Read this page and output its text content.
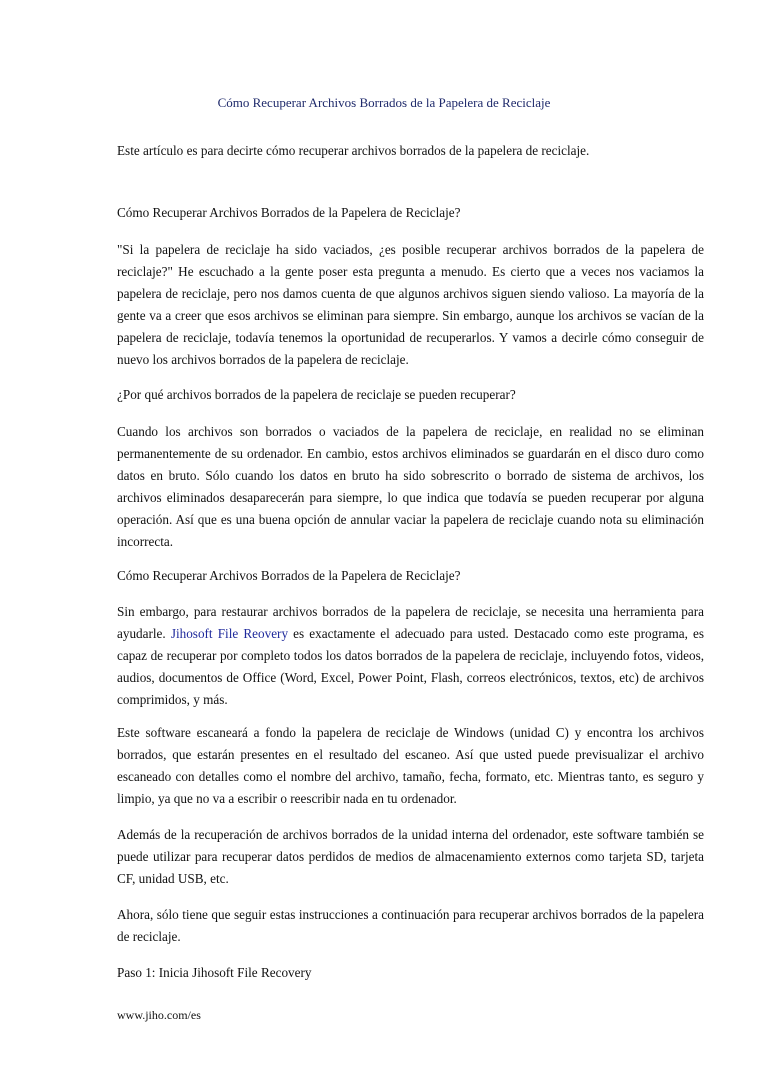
Cómo Recuperar Archivos Borrados de la Papelera de Reciclaje

Este artículo es para decirte cómo recuperar archivos borrados de la papelera de reciclaje.

Cómo Recuperar Archivos Borrados de la Papelera de Reciclaje?

"Si la papelera de reciclaje ha sido vaciados, ¿es posible recuperar archivos borrados de la papelera de reciclaje?" He escuchado a la gente poser esta pregunta a menudo. Es cierto que a veces nos vaciamos la papelera de reciclaje, pero nos damos cuenta de que algunos archivos siguen siendo valioso. La mayoría de la gente va a creer que esos archivos se eliminan para siempre. Sin embargo, aunque los archivos se vacían de la papelera de reciclaje, todavía tenemos la oportunidad de recuperarlos. Y vamos a decirle cómo conseguir de nuevo los archivos borrados de la papelera de reciclaje.

¿Por qué archivos borrados de la papelera de reciclaje se pueden recuperar?

Cuando los archivos son borrados o vaciados de la papelera de reciclaje, en realidad no se eliminan permanentemente de su ordenador. En cambio, estos archivos eliminados se guardarán en el disco duro como datos en bruto. Sólo cuando los datos en bruto ha sido sobrescrito o borrado de sistema de archivos, los archivos eliminados desaparecerán para siempre, lo que indica que todavía se pueden recuperar por alguna operación. Así que es una buena opción de annular vaciar la papelera de reciclaje cuando nota su eliminación incorrecta.

Cómo Recuperar Archivos Borrados de la Papelera de Reciclaje?

Sin embargo, para restaurar archivos borrados de la papelera de reciclaje, se necesita una herramienta para ayudarle. Jihosoft File Reovery es exactamente el adecuado para usted. Destacado como este programa, es capaz de recuperar por completo todos los datos borrados de la papelera de reciclaje, incluyendo fotos, videos, audios, documentos de Office (Word, Excel, Power Point, Flash, correos electrónicos, textos, etc) de archivos comprimidos, y más.

Este software escaneará a fondo la papelera de reciclaje de Windows (unidad C) y encontra los archivos borrados, que estarán presentes en el resultado del escaneo. Así que usted puede previsualizar el archivo escaneado con detalles como el nombre del archivo, tamaño, fecha, formato, etc. Mientras tanto, es seguro y limpio, ya que no va a escribir o reescribir nada en tu ordenador.

Además de la recuperación de archivos borrados de la unidad interna del ordenador, este software también se puede utilizar para recuperar datos perdidos de medios de almacenamiento externos como tarjeta SD, tarjeta CF, unidad USB, etc.

Ahora, sólo tiene que seguir estas instrucciones a continuación para recuperar archivos borrados de la papelera de reciclaje.

Paso 1: Inicia Jihosoft File Recovery

www.jiho.com/es
